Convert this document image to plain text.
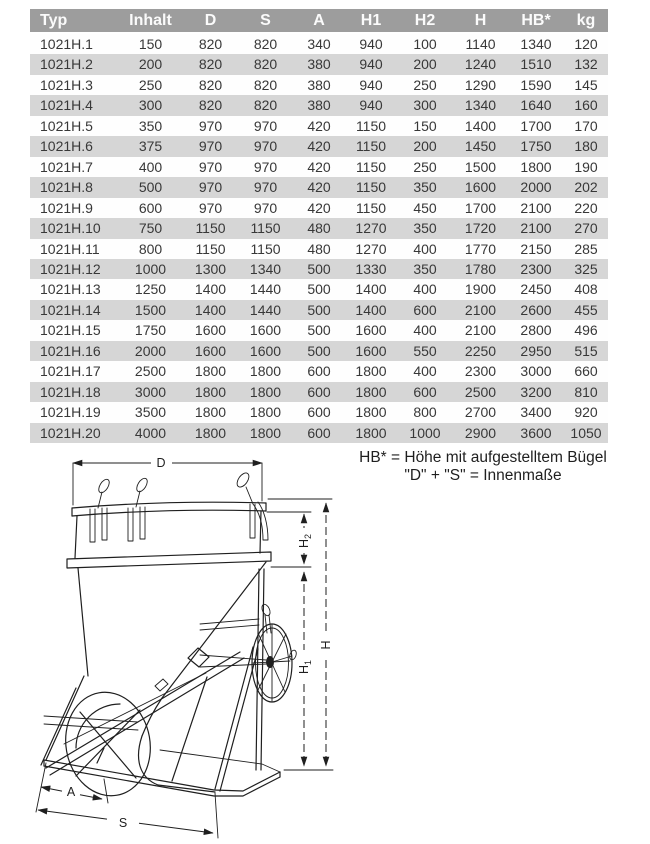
Typ	Inhalt	D	S	A	H1	H2	H	HB*	kg
1021H.1	150	820	820	340	940	100	1140	1340	120
1021H.2	200	820	820	380	940	200	1240	1510	132
1021H.3	250	820	820	380	940	250	1290	1590	145
1021H.4	300	820	820	380	940	300	1340	1640	160
1021H.5	350	970	970	420	1150	150	1400	1700	170
1021H.6	375	970	970	420	1150	200	1450	1750	180
1021H.7	400	970	970	420	1150	250	1500	1800	190
1021H.8	500	970	970	420	1150	350	1600	2000	202
1021H.9	600	970	970	420	1150	450	1700	2100	220
1021H.10	750	1150	1150	480	1270	350	1720	2100	270
1021H.11	800	1150	1150	480	1270	400	1770	2150	285
1021H.12	1000	1300	1340	500	1330	350	1780	2300	325
1021H.13	1250	1400	1440	500	1400	400	1900	2450	408
1021H.14	1500	1400	1440	500	1400	600	2100	2600	455
1021H.15	1750	1600	1600	500	1600	400	2100	2800	496
1021H.16	2000	1600	1600	500	1600	550	2250	2950	515
1021H.17	2500	1800	1800	600	1800	400	2300	3000	660
1021H.18	3000	1800	1800	600	1800	600	2500	3200	810
1021H.19	3500	1800	1800	600	1800	800	2700	3400	920
1021H.20	4000	1800	1800	600	1800	1000	2900	3600	1050
HB* = Höhe mit aufgestelltem Bügel
"D" + "S" = Innenmaße
D
$H_2$
$H_1$
H
A
S
